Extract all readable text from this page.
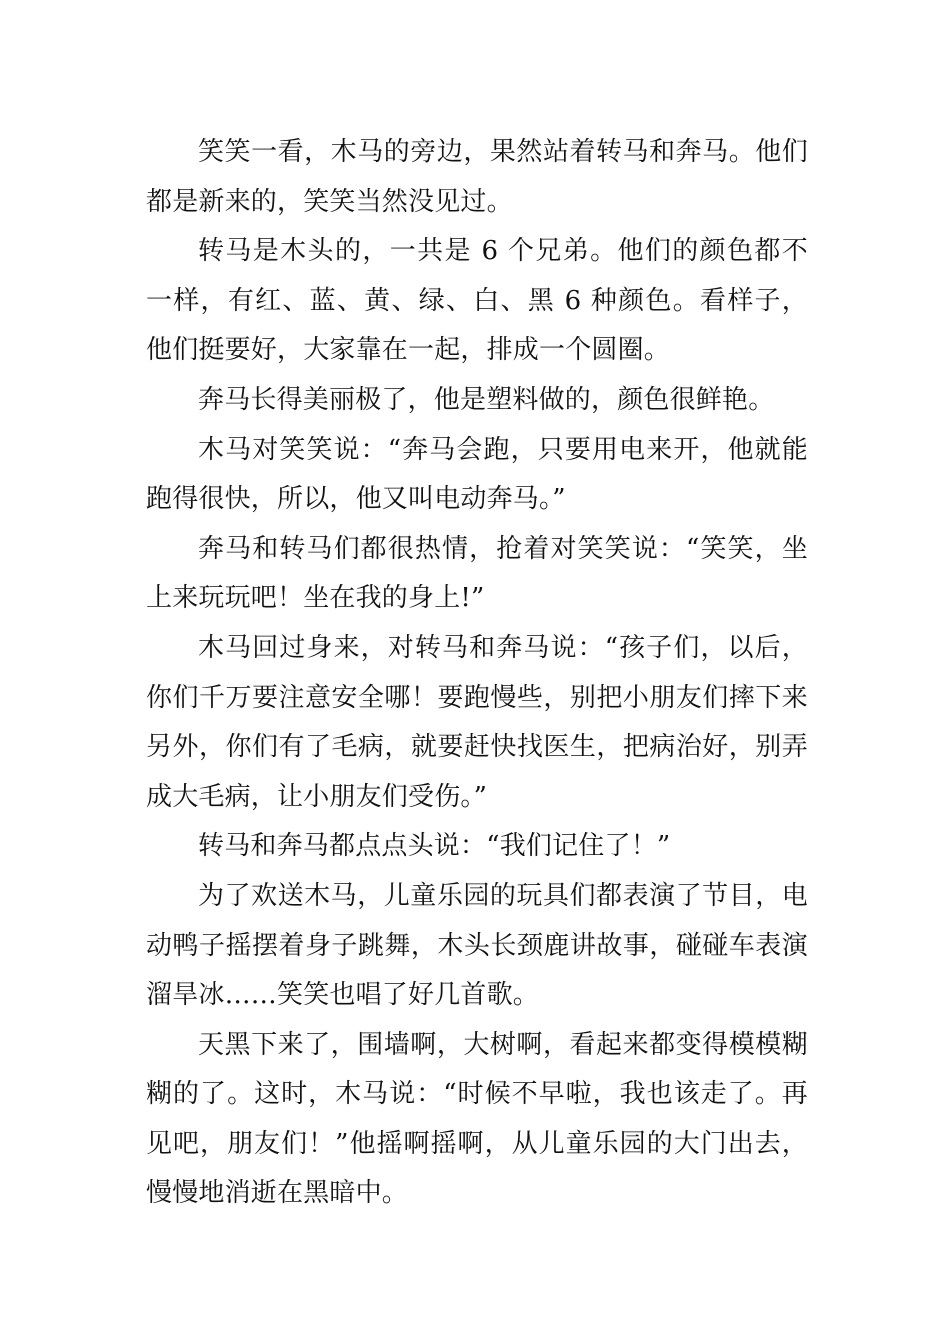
笑笑一看，木马的旁边，果然站着转马和奔马。他们都是新来的，笑笑当然没见过。

转马是木头的，一共是 6 个兄弟。他们的颜色都不一样，有红、蓝、黄、绿、白、黑 6 种颜色。看样子，他们挺要好，大家靠在一起，排成一个圆圈。

奔马长得美丽极了，他是塑料做的，颜色很鲜艳。

木马对笑笑说：“奔马会跑，只要用电来开，他就能跑得很快，所以，他又叫电动奔马。”

奔马和转马们都很热情，抢着对笑笑说：“笑笑，坐上来玩玩吧！坐在我的身上!”

木马回过身来，对转马和奔马说：“孩子们，以后，你们千万要注意安全哪！要跑慢些，别把小朋友们摔下来另外，你们有了毛病，就要赶快找医生，把病治好，别弄成大毛病，让小朋友们受伤。”

转马和奔马都点点头说：“我们记住了！”

为了欢送木马，儿童乐园的玩具们都表演了节目，电动鸭子摇摆着身子跳舞，木头长颈鹿讲故事，碰碰车表演溜旱冰……笑笑也唱了好几首歌。

天黑下来了，围墙啊，大树啊，看起来都变得模模糊糊的了。这时，木马说：“时候不早啦，我也该走了。再见吧，朋友们！”他摇啊摇啊，从儿童乐园的大门出去，慢慢地消逝在黑暗中。
